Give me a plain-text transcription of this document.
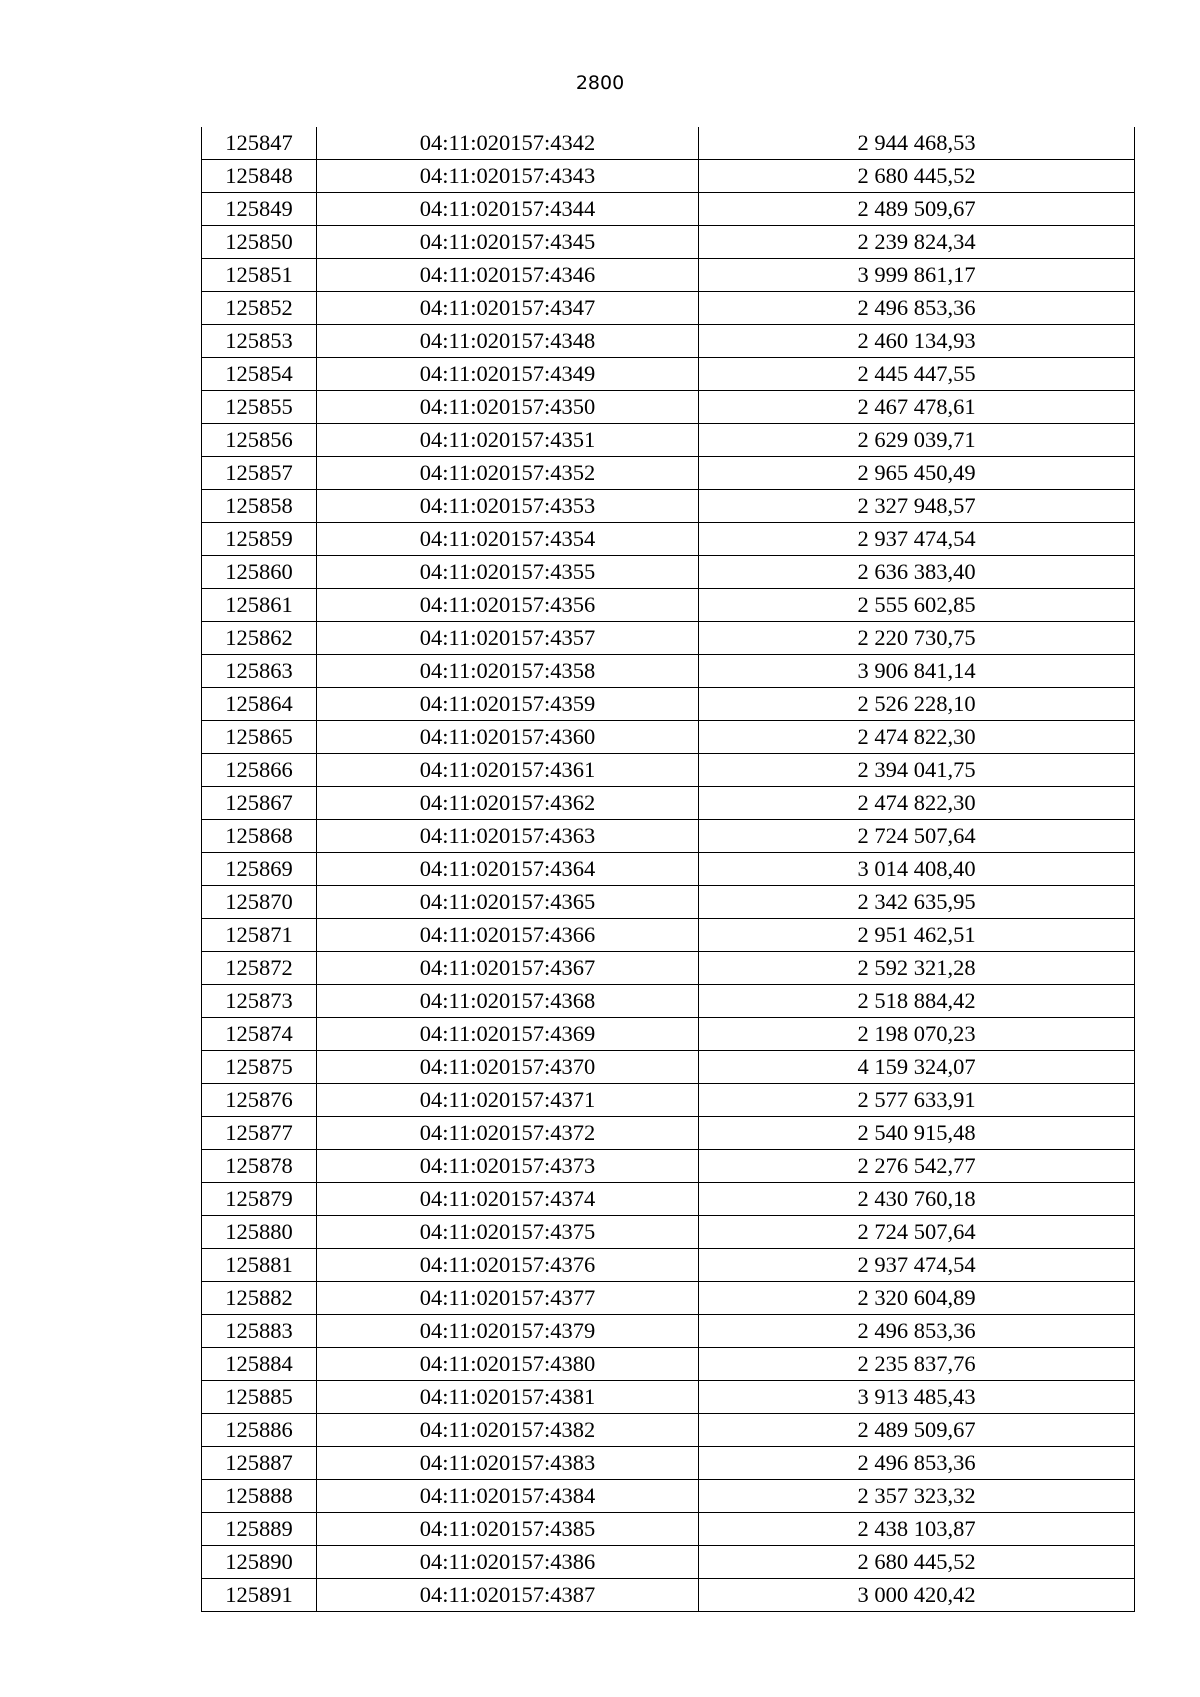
2800
125847	04:11:020157:4342	2 944 468,53
125848	04:11:020157:4343	2 680 445,52
125849	04:11:020157:4344	2 489 509,67
125850	04:11:020157:4345	2 239 824,34
125851	04:11:020157:4346	3 999 861,17
125852	04:11:020157:4347	2 496 853,36
125853	04:11:020157:4348	2 460 134,93
125854	04:11:020157:4349	2 445 447,55
125855	04:11:020157:4350	2 467 478,61
125856	04:11:020157:4351	2 629 039,71
125857	04:11:020157:4352	2 965 450,49
125858	04:11:020157:4353	2 327 948,57
125859	04:11:020157:4354	2 937 474,54
125860	04:11:020157:4355	2 636 383,40
125861	04:11:020157:4356	2 555 602,85
125862	04:11:020157:4357	2 220 730,75
125863	04:11:020157:4358	3 906 841,14
125864	04:11:020157:4359	2 526 228,10
125865	04:11:020157:4360	2 474 822,30
125866	04:11:020157:4361	2 394 041,75
125867	04:11:020157:4362	2 474 822,30
125868	04:11:020157:4363	2 724 507,64
125869	04:11:020157:4364	3 014 408,40
125870	04:11:020157:4365	2 342 635,95
125871	04:11:020157:4366	2 951 462,51
125872	04:11:020157:4367	2 592 321,28
125873	04:11:020157:4368	2 518 884,42
125874	04:11:020157:4369	2 198 070,23
125875	04:11:020157:4370	4 159 324,07
125876	04:11:020157:4371	2 577 633,91
125877	04:11:020157:4372	2 540 915,48
125878	04:11:020157:4373	2 276 542,77
125879	04:11:020157:4374	2 430 760,18
125880	04:11:020157:4375	2 724 507,64
125881	04:11:020157:4376	2 937 474,54
125882	04:11:020157:4377	2 320 604,89
125883	04:11:020157:4379	2 496 853,36
125884	04:11:020157:4380	2 235 837,76
125885	04:11:020157:4381	3 913 485,43
125886	04:11:020157:4382	2 489 509,67
125887	04:11:020157:4383	2 496 853,36
125888	04:11:020157:4384	2 357 323,32
125889	04:11:020157:4385	2 438 103,87
125890	04:11:020157:4386	2 680 445,52
125891	04:11:020157:4387	3 000 420,42
